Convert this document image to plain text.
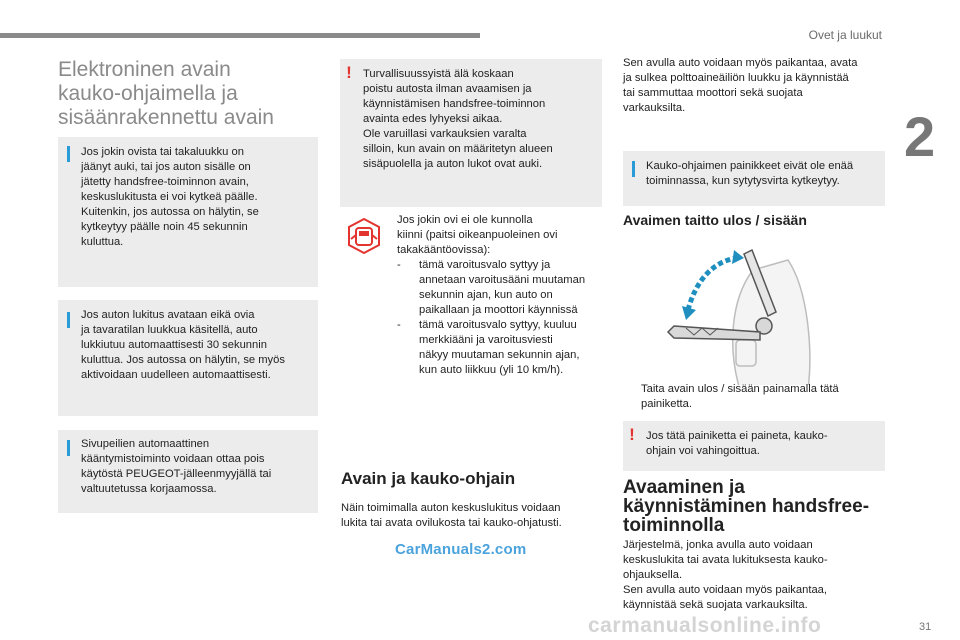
Ovet ja luukut
2
31
Elektroninen avain
kauko-ohjaimella ja
sisäänrakennettu avain
Jos jokin ovista tai takaluukku on
jäänyt auki, tai jos auton sisälle on
jätetty handsfree-toiminnon avain,
keskuslukitusta ei voi kytkeä päälle.
Kuitenkin, jos autossa on hälytin, se
kytkeytyy päälle noin 45 sekunnin
kuluttua.
Jos auton lukitus avataan eikä ovia
ja tavaratilan luukkua käsitellä, auto
lukkiutuu automaattisesti 30 sekunnin
kuluttua. Jos autossa on hälytin, se myös
aktivoidaan uudelleen automaattisesti.
Sivupeilien automaattinen
kääntymistoiminto voidaan ottaa pois
käytöstä PEUGEOT-jälleenmyyjällä tai
valtuutetussa korjaamossa.
! Turvallisuussyistä älä koskaan
poistu autosta ilman avaamisen ja
käynnistämisen handsfree-toiminnon
avainta edes lyhyeksi aikaa.
Ole varuillasi varkauksien varalta
silloin, kun avain on määritetyn alueen
sisäpuolella ja auton lukot ovat auki.
Jos jokin ovi ei ole kunnolla
kiinni (paitsi oikeanpuoleinen ovi
takakääntöovissa):
- tämä varoitusvalo syttyy ja
annetaan varoitusääni muutaman
sekunnin ajan, kun auto on
paikallaan ja moottori käynnissä
- tämä varoitusvalo syttyy, kuuluu
merkkiääni ja varoitusviesti
näkyy muutaman sekunnin ajan,
kun auto liikkuu (yli 10 km/h).
Avain ja kauko-ohjain
Näin toimimalla auton keskuslukitus voidaan
lukita tai avata ovilukosta tai kauko-ohjatusti.
CarManuals2.com
Sen avulla auto voidaan myös paikantaa, avata
ja sulkea polttoaineäiliön luukku ja käynnistää
tai sammuttaa moottori sekä suojata
varkauksilta.
Kauko-ohjaimen painikkeet eivät ole enää
toiminnassa, kun sytytysvirta kytkeytyy.
Avaimen taitto ulos / sisään
Taita avain ulos / sisään painamalla tätä
painiketta.
! Jos tätä painiketta ei paineta, kauko-
ohjain voi vahingoittua.
Avaaminen ja
käynnistäminen handsfree-
toiminnolla
Järjestelmä, jonka avulla auto voidaan
keskuslukita tai avata lukituksesta kauko-
ohjauksella.
Sen avulla auto voidaan myös paikantaa,
käynnistää sekä suojata varkauksilta.
carmanualsonline.info
